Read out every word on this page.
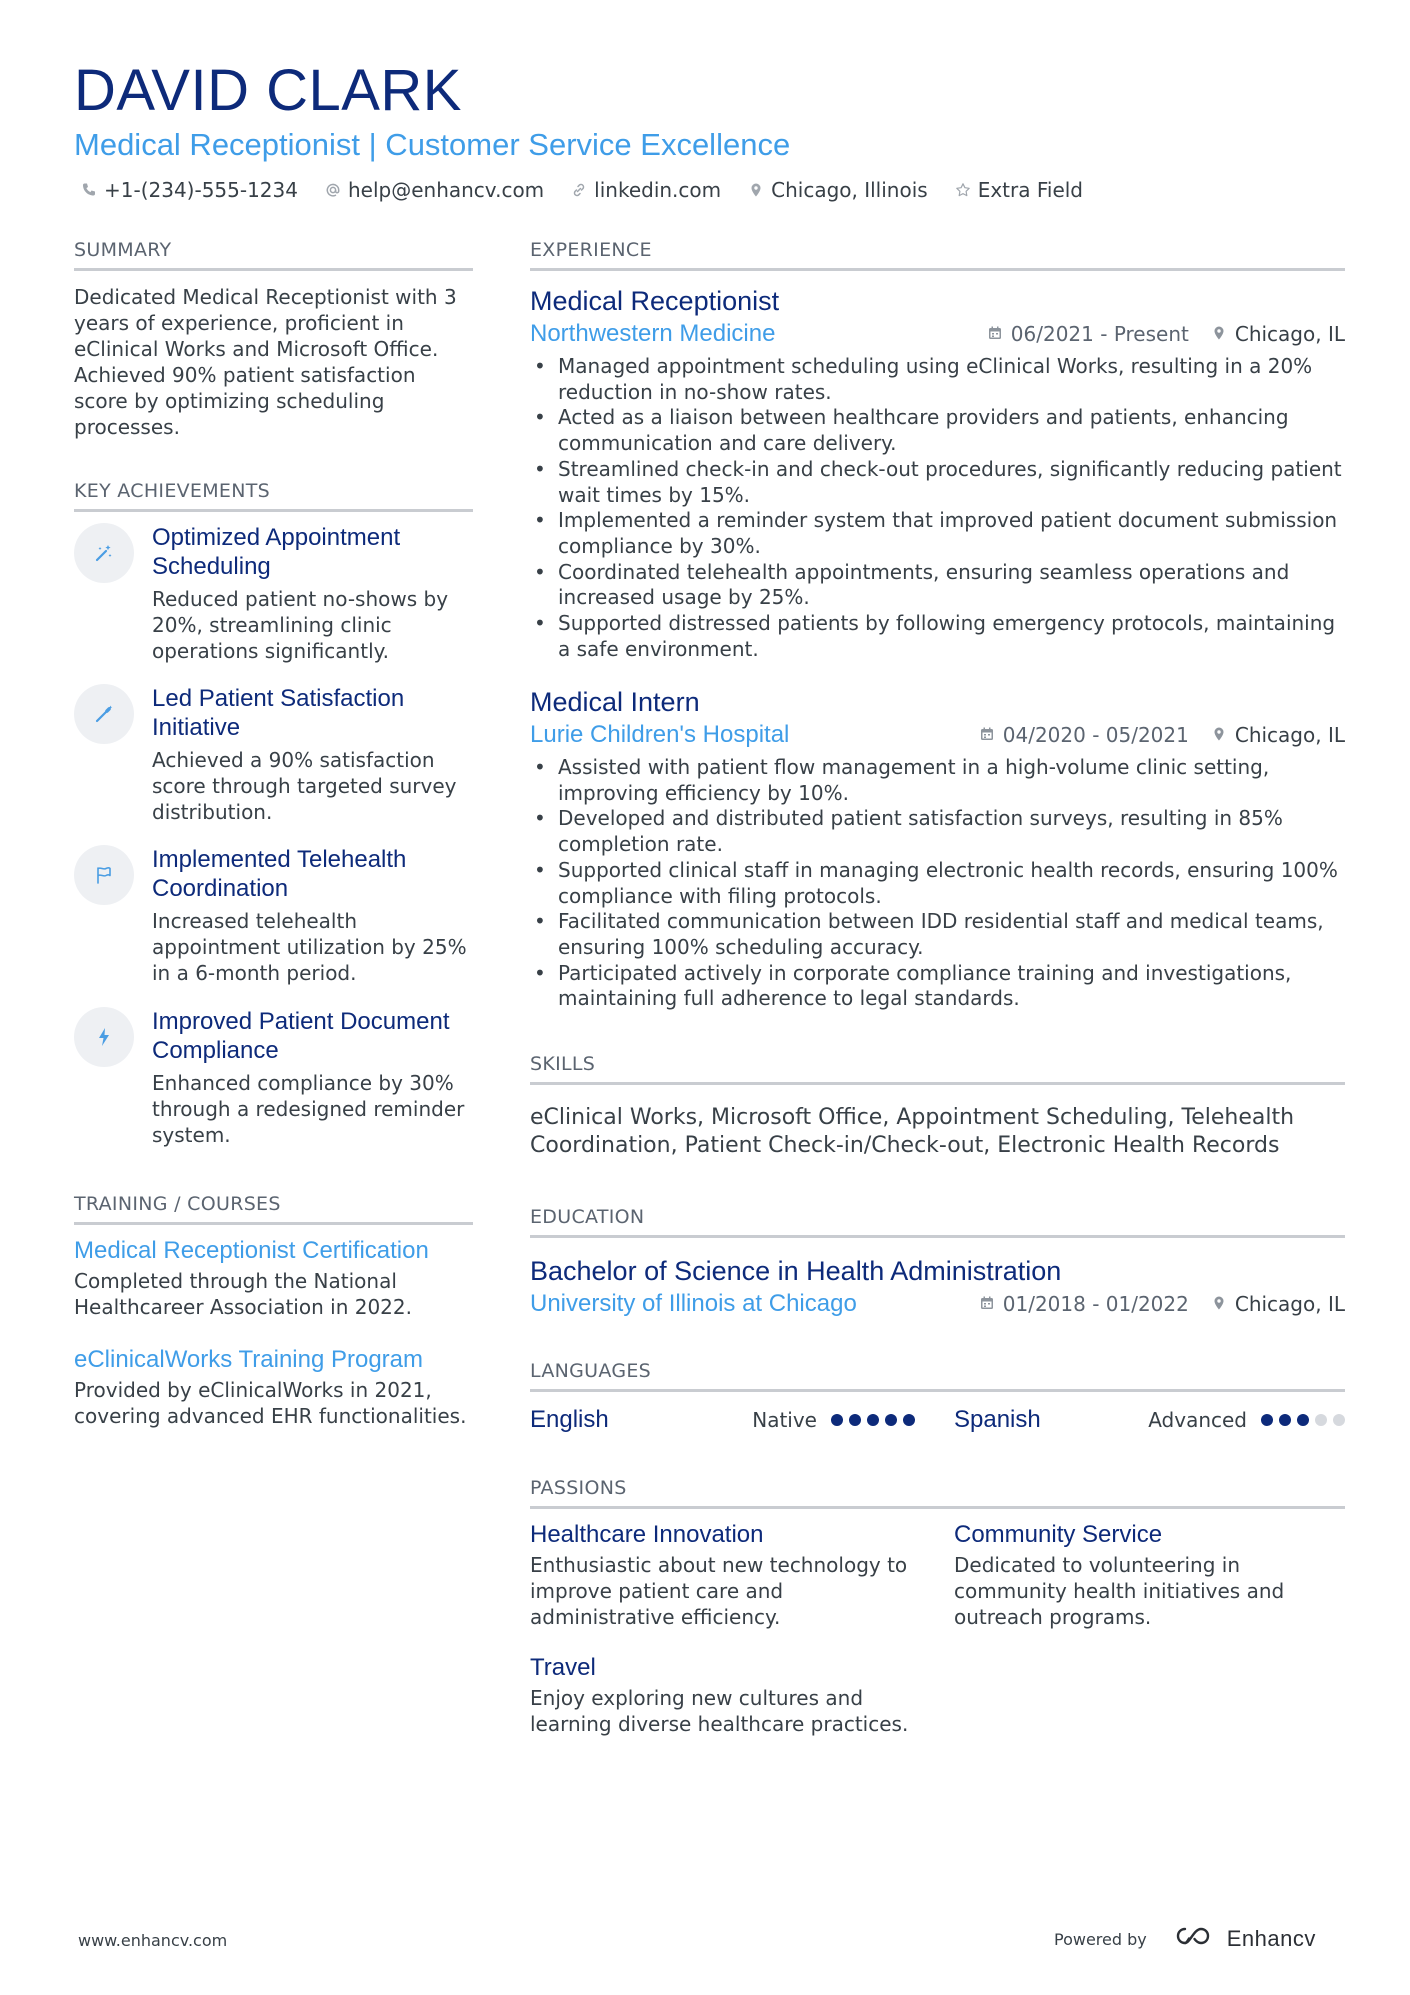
DAVID CLARK
Medical Receptionist | Customer Service Excellence
+1-(234)-555-1234	help@enhancv.com	linkedin.com	Chicago, Illinois	Extra Field
SUMMARY
Dedicated Medical Receptionist with 3 years of experience, proficient in eClinical Works and Microsoft Office. Achieved 90% patient satisfaction score by optimizing scheduling processes.
KEY ACHIEVEMENTS
Optimized Appointment Scheduling
Reduced patient no-shows by 20%, streamlining clinic operations significantly.
Led Patient Satisfaction Initiative
Achieved a 90% satisfaction score through targeted survey distribution.
Implemented Telehealth Coordination
Increased telehealth appointment utilization by 25% in a 6-month period.
Improved Patient Document Compliance
Enhanced compliance by 30% through a redesigned reminder system.
TRAINING / COURSES
Medical Receptionist Certification
Completed through the National Healthcareer Association in 2022.
eClinicalWorks Training Program
Provided by eClinicalWorks in 2021, covering advanced EHR functionalities.
EXPERIENCE
Medical Receptionist
Northwestern Medicine	06/2021 - Present Chicago, IL
• Managed appointment scheduling using eClinical Works, resulting in a 20% reduction in no-show rates.
• Acted as a liaison between healthcare providers and patients, enhancing communication and care delivery.
• Streamlined check-in and check-out procedures, significantly reducing patient wait times by 15%.
• Implemented a reminder system that improved patient document submission compliance by 30%.
• Coordinated telehealth appointments, ensuring seamless operations and increased usage by 25%.
• Supported distressed patients by following emergency protocols, maintaining a safe environment.
Medical Intern
Lurie Children's Hospital	04/2020 - 05/2021 Chicago, IL
• Assisted with patient flow management in a high-volume clinic setting, improving efficiency by 10%.
• Developed and distributed patient satisfaction surveys, resulting in 85% completion rate.
• Supported clinical staff in managing electronic health records, ensuring 100% compliance with filing protocols.
• Facilitated communication between IDD residential staff and medical teams, ensuring 100% scheduling accuracy.
• Participated actively in corporate compliance training and investigations, maintaining full adherence to legal standards.
SKILLS
eClinical Works, Microsoft Office, Appointment Scheduling, Telehealth Coordination, Patient Check-in/Check-out, Electronic Health Records
EDUCATION
Bachelor of Science in Health Administration
University of Illinois at Chicago	01/2018 - 01/2022 Chicago, IL
LANGUAGES
English	Native	Spanish	Advanced
PASSIONS
Healthcare Innovation
Enthusiastic about new technology to improve patient care and administrative efficiency.
Community Service
Dedicated to volunteering in community health initiatives and outreach programs.
Travel
Enjoy exploring new cultures and learning diverse healthcare practices.
www.enhancv.com	Powered by	Enhancv
